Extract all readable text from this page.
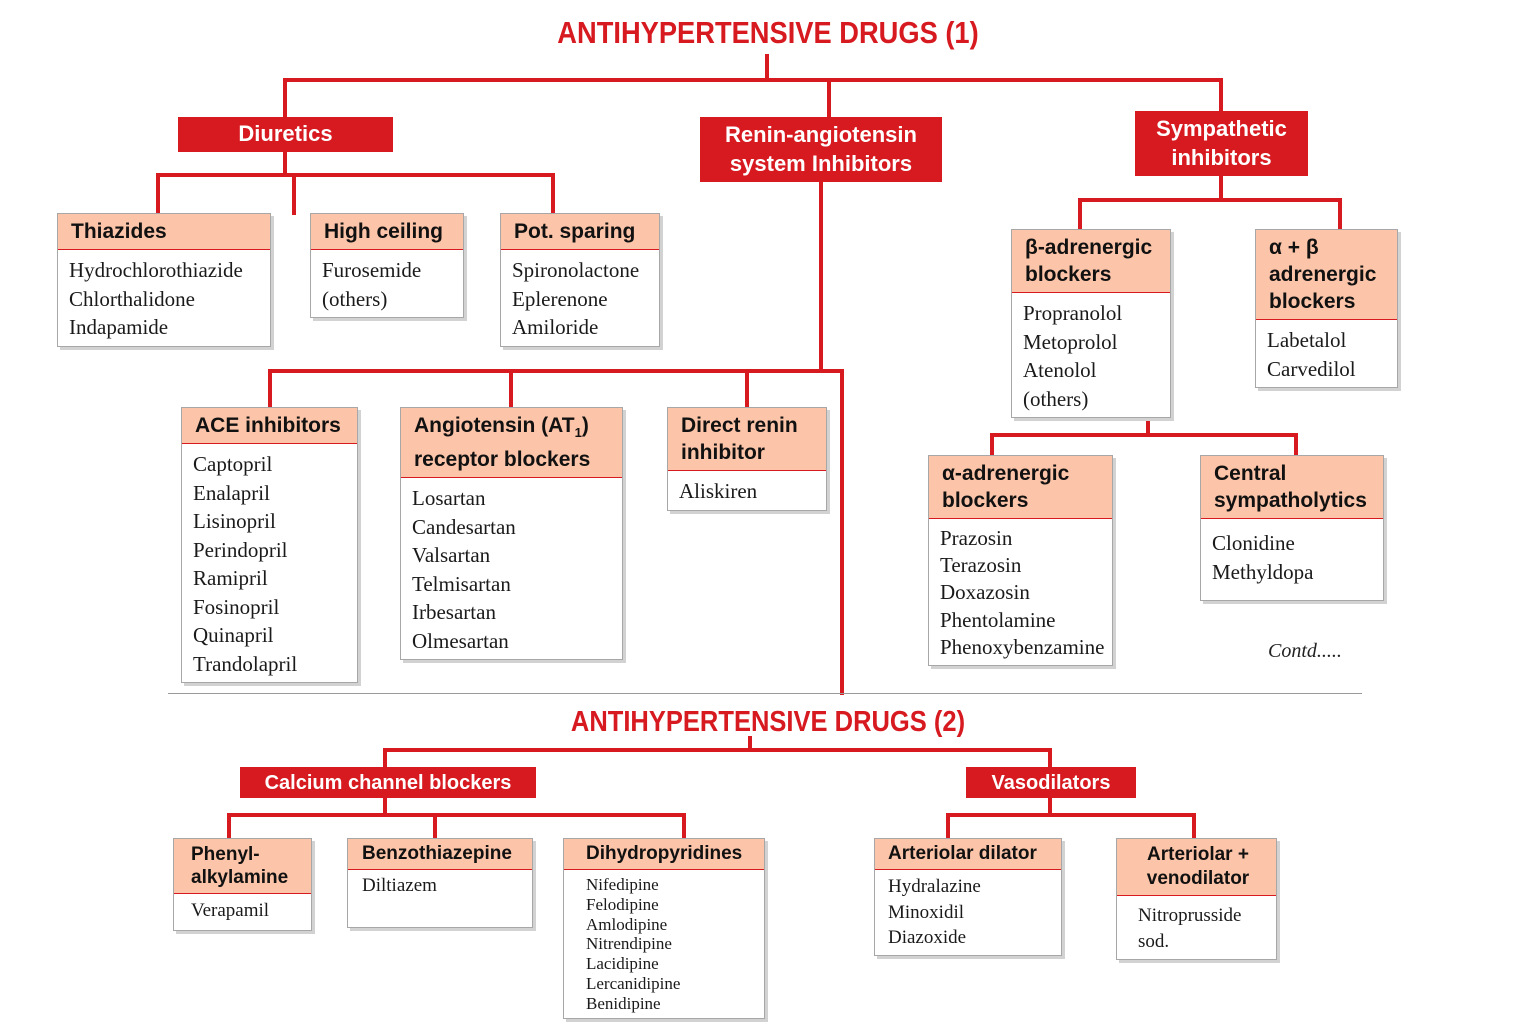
ANTIHYPERTENSIVE DRUGS (1)
Diuretics	Renin-angiotensin
system Inhibitors
Sympathetic
inhibitors
Thiazides
Hydrochlorothiazide
Chlorthalidone
Indapamide
High ceiling
Furosemide
(others)
Pot. sparing
Spironolactone
Eplerenone
Amiloride
ACE inhibitors
Captopril
Enalapril
Lisinopril
Perindopril
Ramipril
Fosinopril
Quinapril
Trandolapril
Angiotensin $(AT_1)$
receptor blockers
Losartan
Candesartan
Valsartan
Telmisartan
Irbesartan
Olmesartan
Direct renin
inhibitor
Aliskiren
β-adrenergic
blockers
Propranolol
Metoprolol
Atenolol
(others)
α + β
adrenergic
blockers
Labetalol
Carvedilol
α-adrenergic
blockers
Prazosin
Terazosin
Doxazosin
Phentolamine
Phenoxybenzamine
Central
sympatholytics
Clonidine
Methyldopa
Contd.....
ANTIHYPERTENSIVE DRUGS (2)
Calcium channel blockers	Vasodilators
Phenyl-
alkylamine
Verapamil
Benzothiazepine
Diltiazem
Dihydropyridines
Nifedipine
Felodipine
Amlodipine
Nitrendipine
Lacidipine
Lercanidipine
Benidipine
Arteriolar dilator
Hydralazine
Minoxidil
Diazoxide
Arteriolar +
venodilator
Nitroprusside
sod.
